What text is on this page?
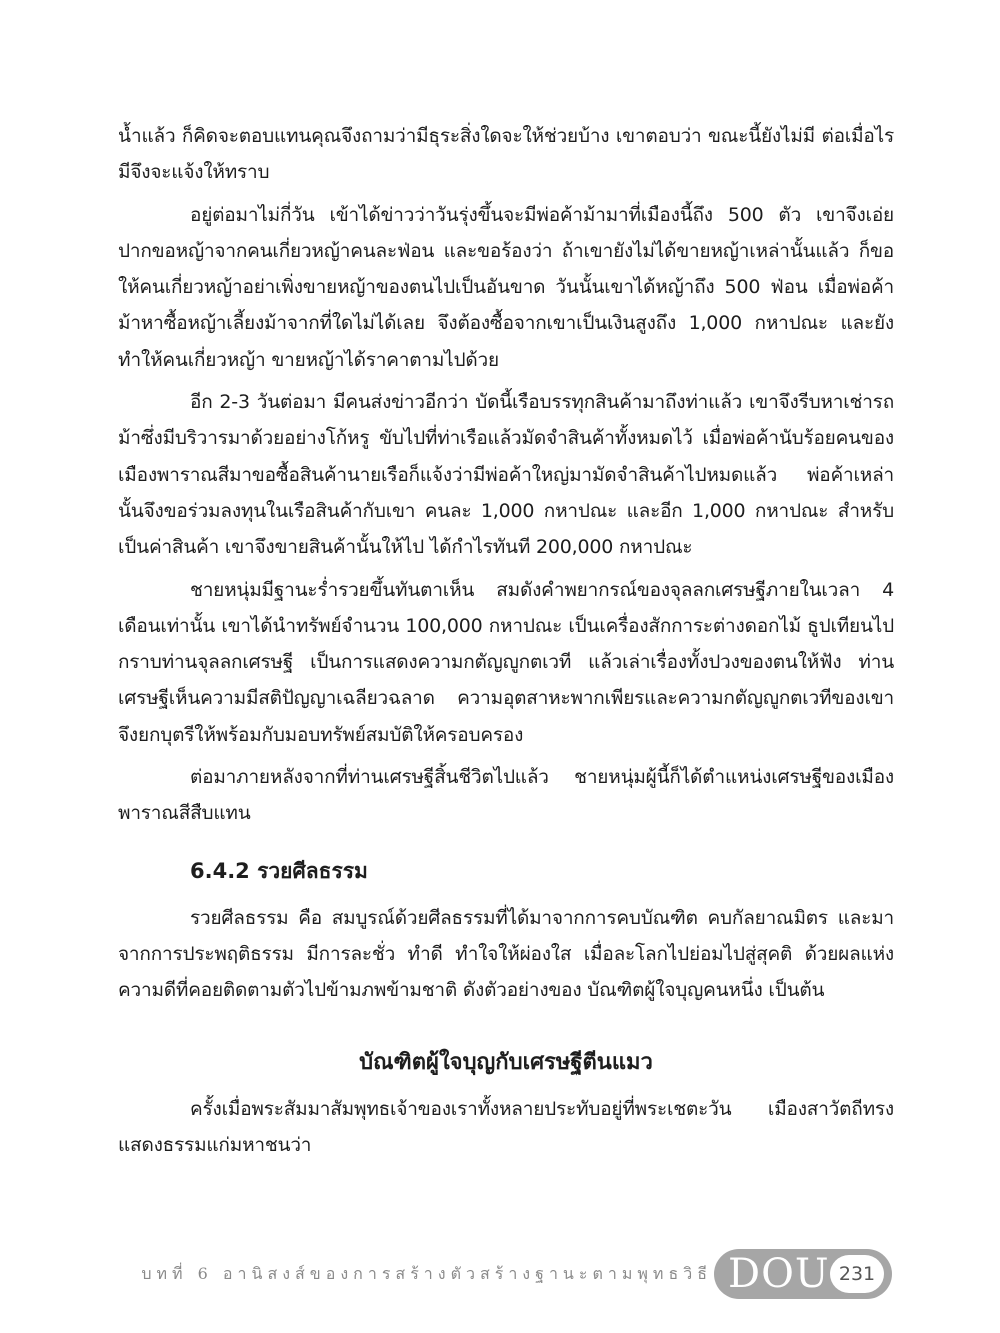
น้ำแล้ว ก็คิดจะตอบแทนคุณจึงถามว่ามีธุระสิ่งใดจะให้ช่วยบ้าง เขาตอบว่า ขณะนี้ยังไม่มี ต่อเมื่อไรมีจึงจะแจ้งให้ทราบ

อยู่ต่อมาไม่กี่วัน เข้าได้ข่าวว่าวันรุ่งขึ้นจะมีพ่อค้าม้ามาที่เมืองนี้ถึง 500 ตัว เขาจึงเอ่ยปากขอหญ้าจากคนเกี่ยวหญ้าคนละฟ่อน และขอร้องว่า ถ้าเขายังไม่ได้ขายหญ้าเหล่านั้นแล้ว ก็ขอให้คนเกี่ยวหญ้าอย่าเพิ่งขายหญ้าของตนไปเป็นอันขาด วันนั้นเขาได้หญ้าถึง 500 ฟ่อน เมื่อพ่อค้าม้าหาซื้อหญ้าเลี้ยงม้าจากที่ใดไม่ได้เลย จึงต้องซื้อจากเขาเป็นเงินสูงถึง 1,000 กหาปณะ และยังทำให้คนเกี่ยวหญ้า ขายหญ้าได้ราคาตามไปด้วย

อีก 2-3 วันต่อมา มีคนส่งข่าวอีกว่า บัดนี้เรือบรรทุกสินค้ามาถึงท่าแล้ว เขาจึงรีบหาเช่ารถม้าซึ่งมีบริวารมาด้วยอย่างโก้หรู ขับไปที่ท่าเรือแล้วมัดจำสินค้าทั้งหมดไว้ เมื่อพ่อค้านับร้อยคนของเมืองพาราณสีมาขอซื้อสินค้านายเรือก็แจ้งว่ามีพ่อค้าใหญ่มามัดจำสินค้าไปหมดแล้ว พ่อค้าเหล่านั้นจึงขอร่วมลงทุนในเรือสินค้ากับเขา คนละ 1,000 กหาปณะ และอีก 1,000 กหาปณะ สำหรับเป็นค่าสินค้า เขาจึงขายสินค้านั้นให้ไป ได้กำไรทันที 200,000 กหาปณะ

ชายหนุ่มมีฐานะร่ำรวยขึ้นทันตาเห็น สมดังคำพยากรณ์ของจุลลกเศรษฐีภายในเวลา 4 เดือนเท่านั้น เขาได้นำทรัพย์จำนวน 100,000 กหาปณะ เป็นเครื่องสักการะต่างดอกไม้ ธูปเทียนไปกราบท่านจุลลกเศรษฐี เป็นการแสดงความกตัญญูกตเวที แล้วเล่าเรื่องทั้งปวงของตนให้ฟัง ท่านเศรษฐีเห็นความมีสติปัญญาเฉลียวฉลาด ความอุตสาหะพากเพียรและความกตัญญูกตเวทีของเขา จึงยกบุตรีให้พร้อมกับมอบทรัพย์สมบัติให้ครอบครอง

ต่อมาภายหลังจากที่ท่านเศรษฐีสิ้นชีวิตไปแล้ว ชายหนุ่มผู้นี้ก็ได้ตำแหน่งเศรษฐีของเมืองพาราณสีสืบแทน

6.4.2 รวยศีลธรรม

รวยศีลธรรม คือ สมบูรณ์ด้วยศีลธรรมที่ได้มาจากการคบบัณฑิต คบกัลยาณมิตร และมาจากการประพฤติธรรม มีการละชั่ว ทำดี ทำใจให้ผ่องใส เมื่อละโลกไปย่อมไปสู่สุคติ ด้วยผลแห่งความดีที่คอยติดตามตัวไปข้ามภพข้ามชาติ ดังตัวอย่างของ บัณฑิตผู้ใจบุญคนหนึ่ง เป็นต้น

บัณฑิตผู้ใจบุญกับเศรษฐีตีนแมว

ครั้งเมื่อพระสัมมาสัมพุทธเจ้าของเราทั้งหลายประทับอยู่ที่พระเชตะวัน เมืองสาวัตถีทรงแสดงธรรมแก่มหาชนว่า

บทที่ 6 อานิสงส์ของการสร้างตัวสร้างฐานะตามพุทธวิธี DOU 231
